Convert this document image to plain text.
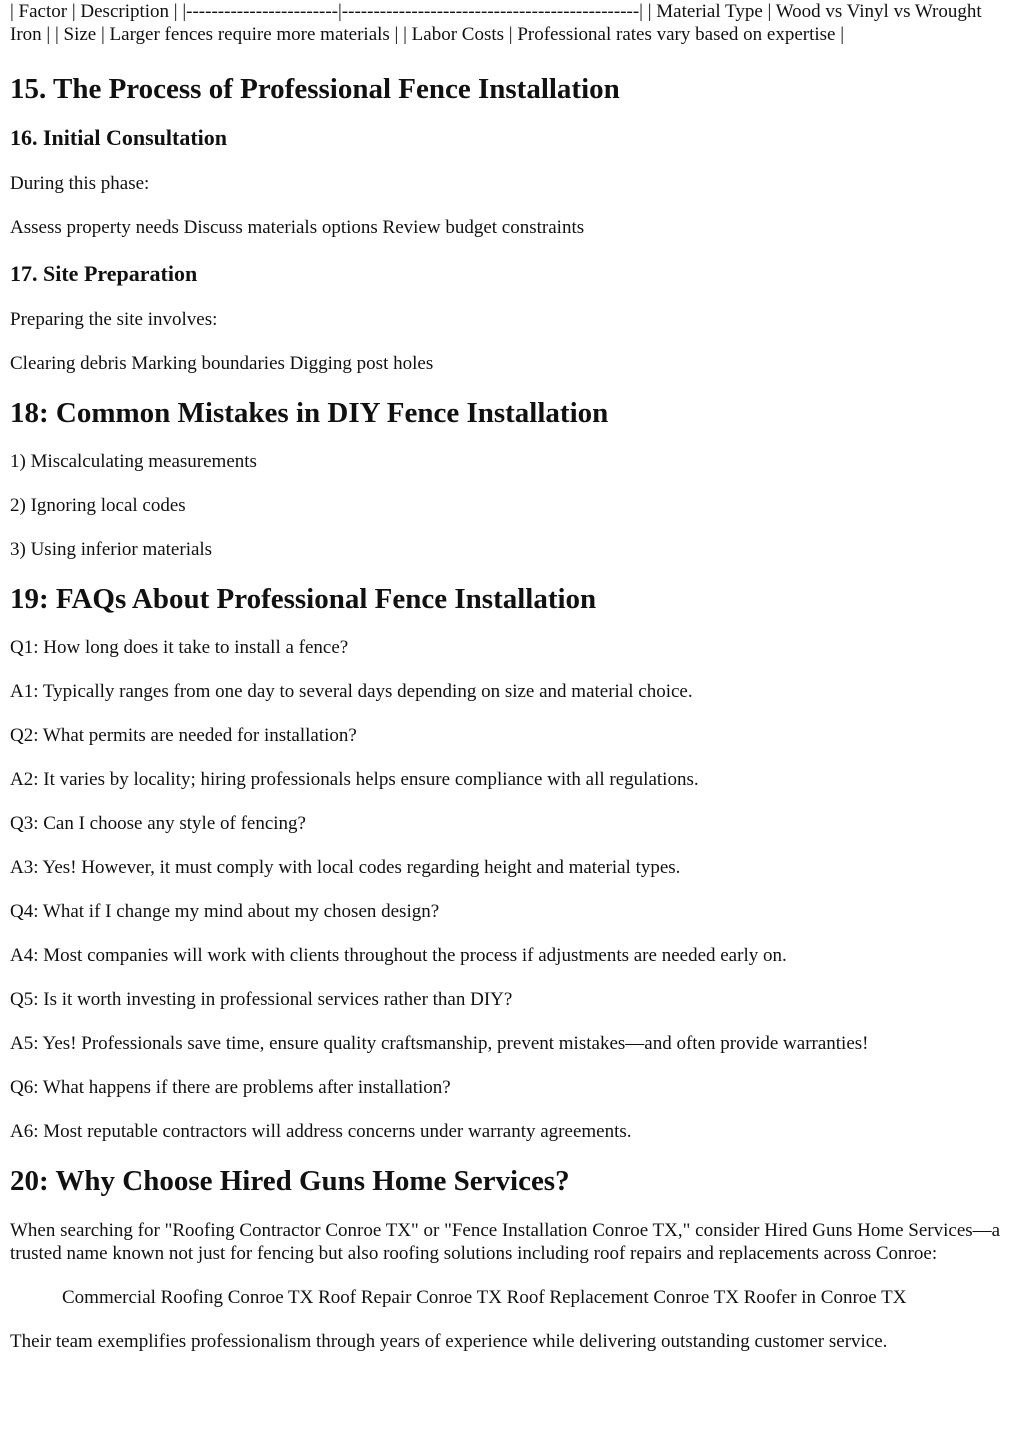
| Factor | Description | |------------------------|-----------------------------------------------| | Material Type | Wood vs Vinyl vs Wrought Iron | | Size | Larger fences require more materials | | Labor Costs | Professional rates vary based on expertise |

15. The Process of Professional Fence Installation
16. Initial Consultation

During this phase:

Assess property needs Discuss materials options Review budget constraints

17. Site Preparation

Preparing the site involves:

Clearing debris Marking boundaries Digging post holes

18: Common Mistakes in DIY Fence Installation

1) Miscalculating measurements

2) Ignoring local codes

3) Using inferior materials

19: FAQs About Professional Fence Installation

Q1: How long does it take to install a fence?

A1: Typically ranges from one day to several days depending on size and material choice.

Q2: What permits are needed for installation?

A2: It varies by locality; hiring professionals helps ensure compliance with all regulations.

Q3: Can I choose any style of fencing?

A3: Yes! However, it must comply with local codes regarding height and material types.

Q4: What if I change my mind about my chosen design?

A4: Most companies will work with clients throughout the process if adjustments are needed early on.

Q5: Is it worth investing in professional services rather than DIY?

A5: Yes! Professionals save time, ensure quality craftsmanship, prevent mistakes—and often provide warranties!

Q6: What happens if there are problems after installation?

A6: Most reputable contractors will address concerns under warranty agreements.

20: Why Choose Hired Guns Home Services?

When searching for "Roofing Contractor Conroe TX" or "Fence Installation Conroe TX," consider Hired Guns Home Services—a trusted name known not just for fencing but also roofing solutions including roof repairs and replacements across Conroe:

Commercial Roofing Conroe TX Roof Repair Conroe TX Roof Replacement Conroe TX Roofer in Conroe TX

Their team exemplifies professionalism through years of experience while delivering outstanding customer service.
